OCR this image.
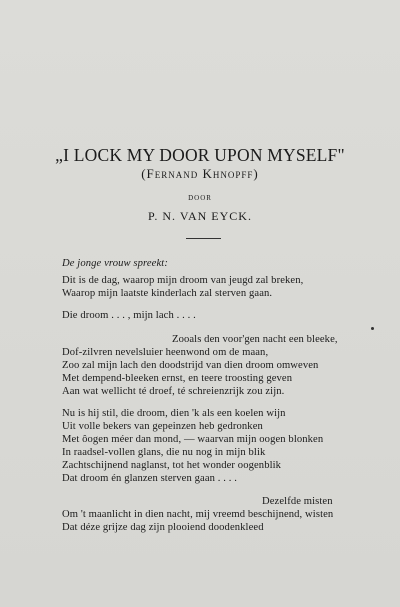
„I LOCK MY DOOR UPON MYSELF"
(Fernand Khnopff)
DOOR
P. N. VAN EYCK.
De jonge vrouw spreekt:
Dit is de dag, waarop mijn droom van jeugd zal breken,
Waarop mijn laatste kinderlach zal sterven gaan.
Die droom . . . , mijn lach . . . .
Zooals den voor'gen nacht een bleeke,
Dof-zilvren nevelsluier heenwond om de maan,
Zoo zal mijn lach den doodstrijd van dien droom omweven
Met dempend-bleeken ernst, en teere troosting geven
Aan wat wellicht té droef, té schreienzrijk zou zijn.
Nu is hij stil, die droom, dien 'k als een koelen wijn
Uit volle bekers van gepeinzen heb gedronken
Met ôogen méer dan mond, — waarvan mijn oogen blonken
In raadsel-vollen glans, die nu nog in mijn blik
Zachtschijnend naglanst, tot het wonder oogenblik
Dat droom én glanzen sterven gaan . . . .
Dezelfde misten
Om 't maanlicht in dien nacht, mij vreemd beschijnend, wisten
Dat déze grijze dag zijn plooiend doodenkleed
